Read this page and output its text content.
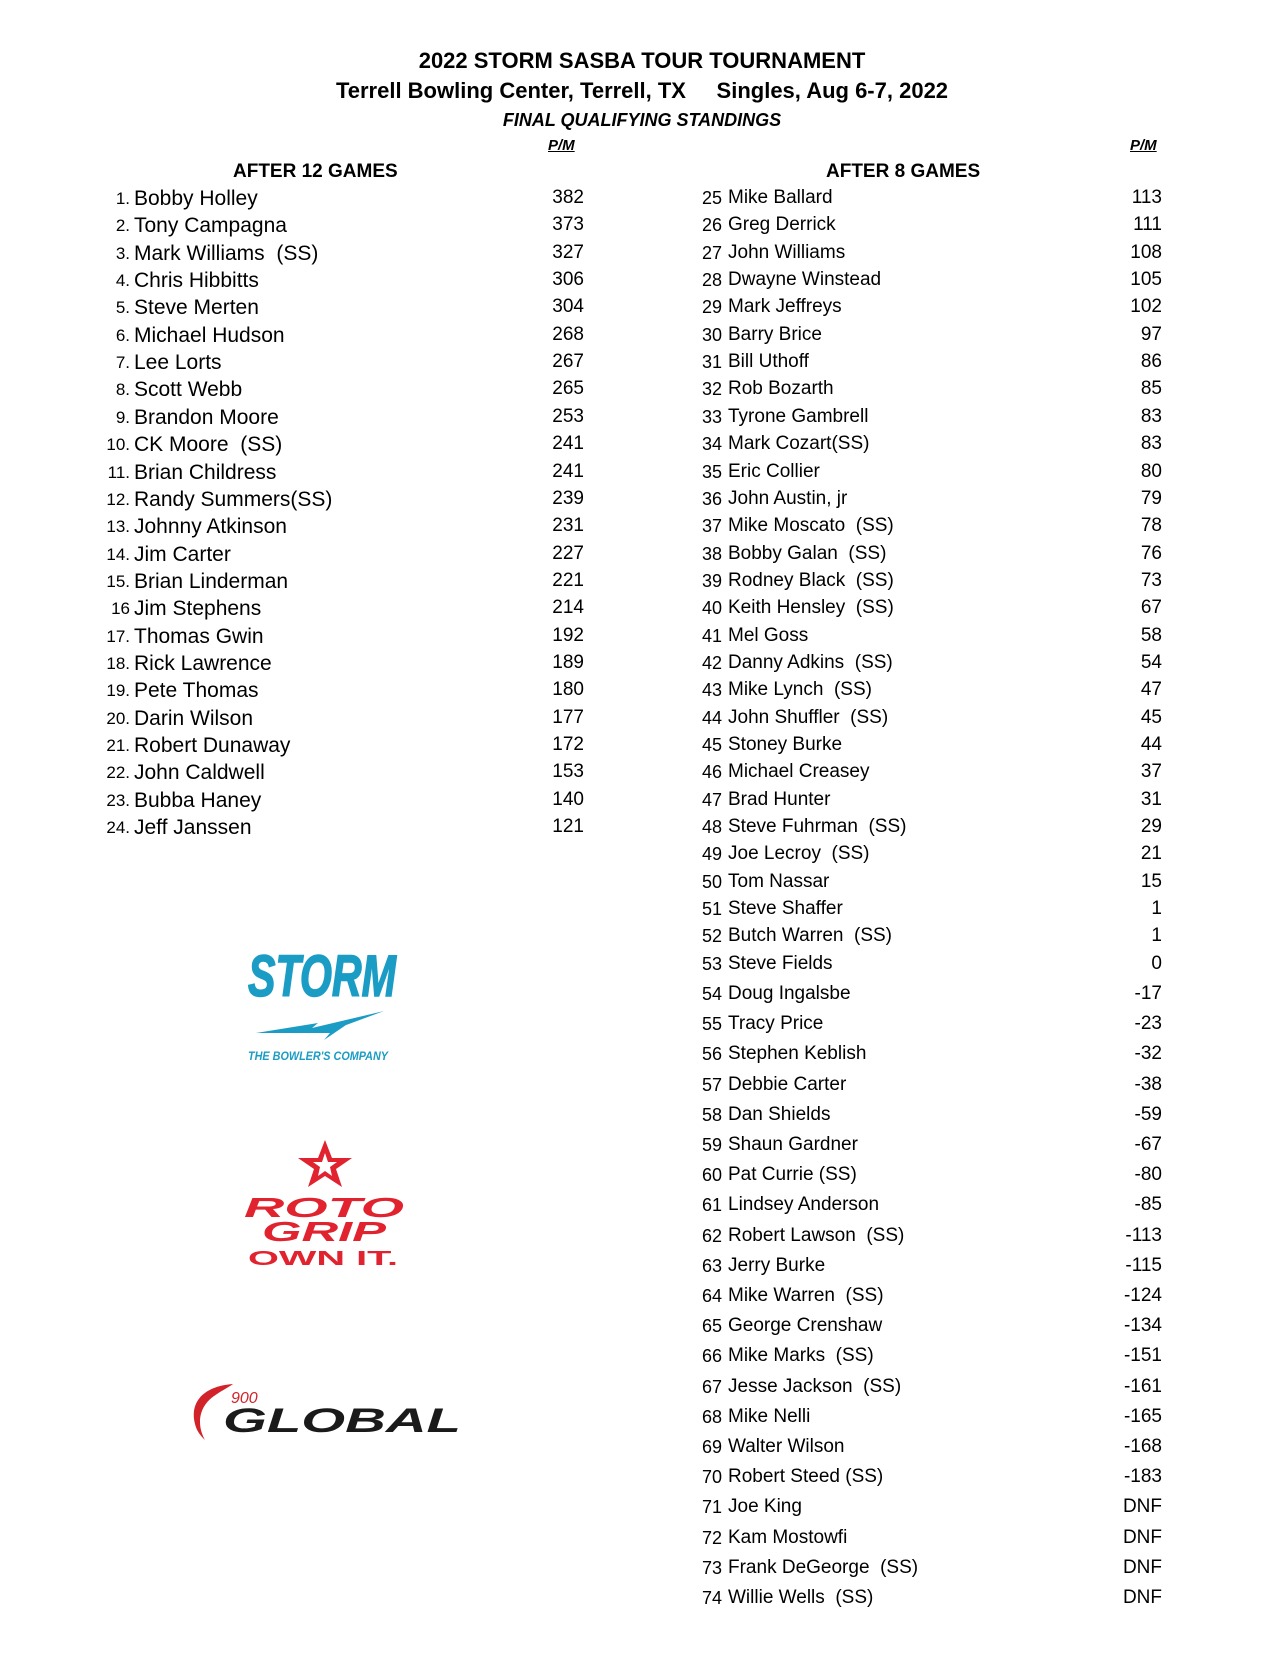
2022 STORM SASBA TOUR TOURNAMENT
Terrell Bowling Center, Terrell, TX     Singles, Aug 6-7, 2022
FINAL QUALIFYING STANDINGS
P/M	P/M
AFTER 12 GAMES	AFTER 8 GAMES
1. Bobby Holley	382
2. Tony Campagna	373
3. Mark Williams  (SS)	327
4. Chris Hibbitts	306
5. Steve Merten	304
6. Michael Hudson	268
7. Lee Lorts	267
8. Scott Webb	265
9. Brandon Moore	253
10. CK Moore  (SS)	241
11. Brian Childress	241
12. Randy Summers(SS)	239
13. Johnny Atkinson	231
14. Jim Carter	227
15. Brian Linderman	221
16 Jim Stephens	214
17. Thomas Gwin	192
18. Rick Lawrence	189
19. Pete Thomas	180
20. Darin Wilson	177
21. Robert Dunaway	172
22. John Caldwell	153
23. Bubba Haney	140
24. Jeff Janssen	121
25 Mike Ballard	113
26 Greg Derrick	111
27 John Williams	108
28 Dwayne Winstead	105
29 Mark Jeffreys	102
30 Barry Brice	97
31 Bill Uthoff	86
32 Rob Bozarth	85
33 Tyrone Gambrell	83
34 Mark Cozart(SS)	83
35 Eric Collier	80
36 John Austin, jr	79
37 Mike Moscato  (SS)	78
38 Bobby Galan  (SS)	76
39 Rodney Black  (SS)	73
40 Keith Hensley  (SS)	67
41 Mel Goss	58
42 Danny Adkins  (SS)	54
43 Mike Lynch  (SS)	47
44 John Shuffler  (SS)	45
45 Stoney Burke	44
46 Michael Creasey	37
47 Brad Hunter	31
48 Steve Fuhrman  (SS)	29
49 Joe Lecroy  (SS)	21
50 Tom Nassar	15
51 Steve Shaffer	1
52 Butch Warren  (SS)	1
53 Steve Fields	0
54 Doug Ingalsbe	-17
55 Tracy Price	-23
56 Stephen Keblish	-32
57 Debbie Carter	-38
58 Dan Shields	-59
59 Shaun Gardner	-67
60 Pat Currie (SS)	-80
61 Lindsey Anderson	-85
62 Robert Lawson  (SS)	-113
63 Jerry Burke	-115
64 Mike Warren  (SS)	-124
65 George Crenshaw	-134
66 Mike Marks  (SS)	-151
67 Jesse Jackson  (SS)	-161
68 Mike Nelli	-165
69 Walter Wilson	-168
70 Robert Steed (SS)	-183
71 Joe King	DNF
72 Kam Mostowfi	DNF
73 Frank DeGeorge  (SS)	DNF
74 Willie Wells  (SS)	DNF
STORM
THE BOWLER'S COMPANY
ROTO
GRIP
OWN IT.
900
GLOBAL
